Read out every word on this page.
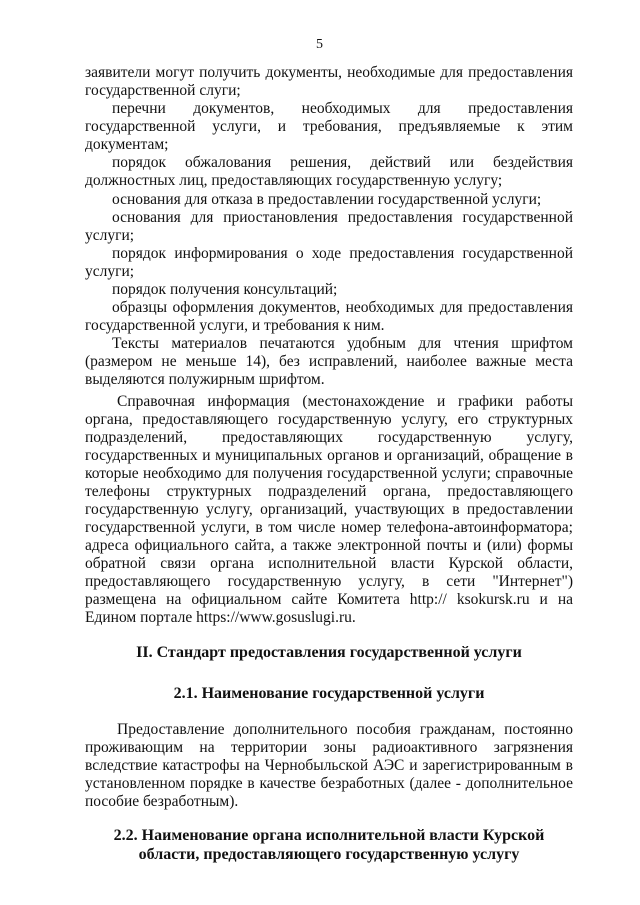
5
заявители могут получить документы, необходимые для предоставления
государственной слуги;
перечни документов, необходимых для предоставления
государственной услуги, и требования, предъявляемые к этим
документам;
порядок обжалования решения, действий или бездействия
должностных лиц, предоставляющих государственную услугу;
основания для отказа в предоставлении государственной услуги;
основания для приостановления предоставления государственной
услуги;
порядок информирования о ходе предоставления государственной
услуги;
порядок получения консультаций;
образцы оформления документов, необходимых для предоставления
государственной услуги, и требования к ним.
Тексты материалов печатаются удобным для чтения шрифтом
(размером не меньше 14), без исправлений, наиболее важные места
выделяются полужирным шрифтом.
Справочная информация (местонахождение и графики работы
органа, предоставляющего государственную услугу, его структурных
подразделений, предоставляющих государственную услугу,
государственных и муниципальных органов и организаций, обращение в
которые необходимо для получения государственной услуги; справочные
телефоны структурных подразделений органа, предоставляющего
государственную услугу, организаций, участвующих в предоставлении
государственной услуги, в том числе номер телефона-автоинформатора;
адреса официального сайта, а также электронной почты и (или) формы
обратной связи органа исполнительной власти Курской области,
предоставляющего государственную услугу, в сети "Интернет")
размещена на официальном сайте Комитета http:// ksokursk.ru и на
Едином портале https://www.gosuslugi.ru.
II. Стандарт предоставления государственной услуги
2.1. Наименование государственной услуги
Предоставление дополнительного пособия гражданам, постоянно
проживающим на территории зоны радиоактивного загрязнения
вследствие катастрофы на Чернобыльской АЭС и зарегистрированным в
установленном порядке в качестве безработных (далее - дополнительное
пособие безработным).
2.2. Наименование органа исполнительной власти Курской
области, предоставляющего государственную услугу
